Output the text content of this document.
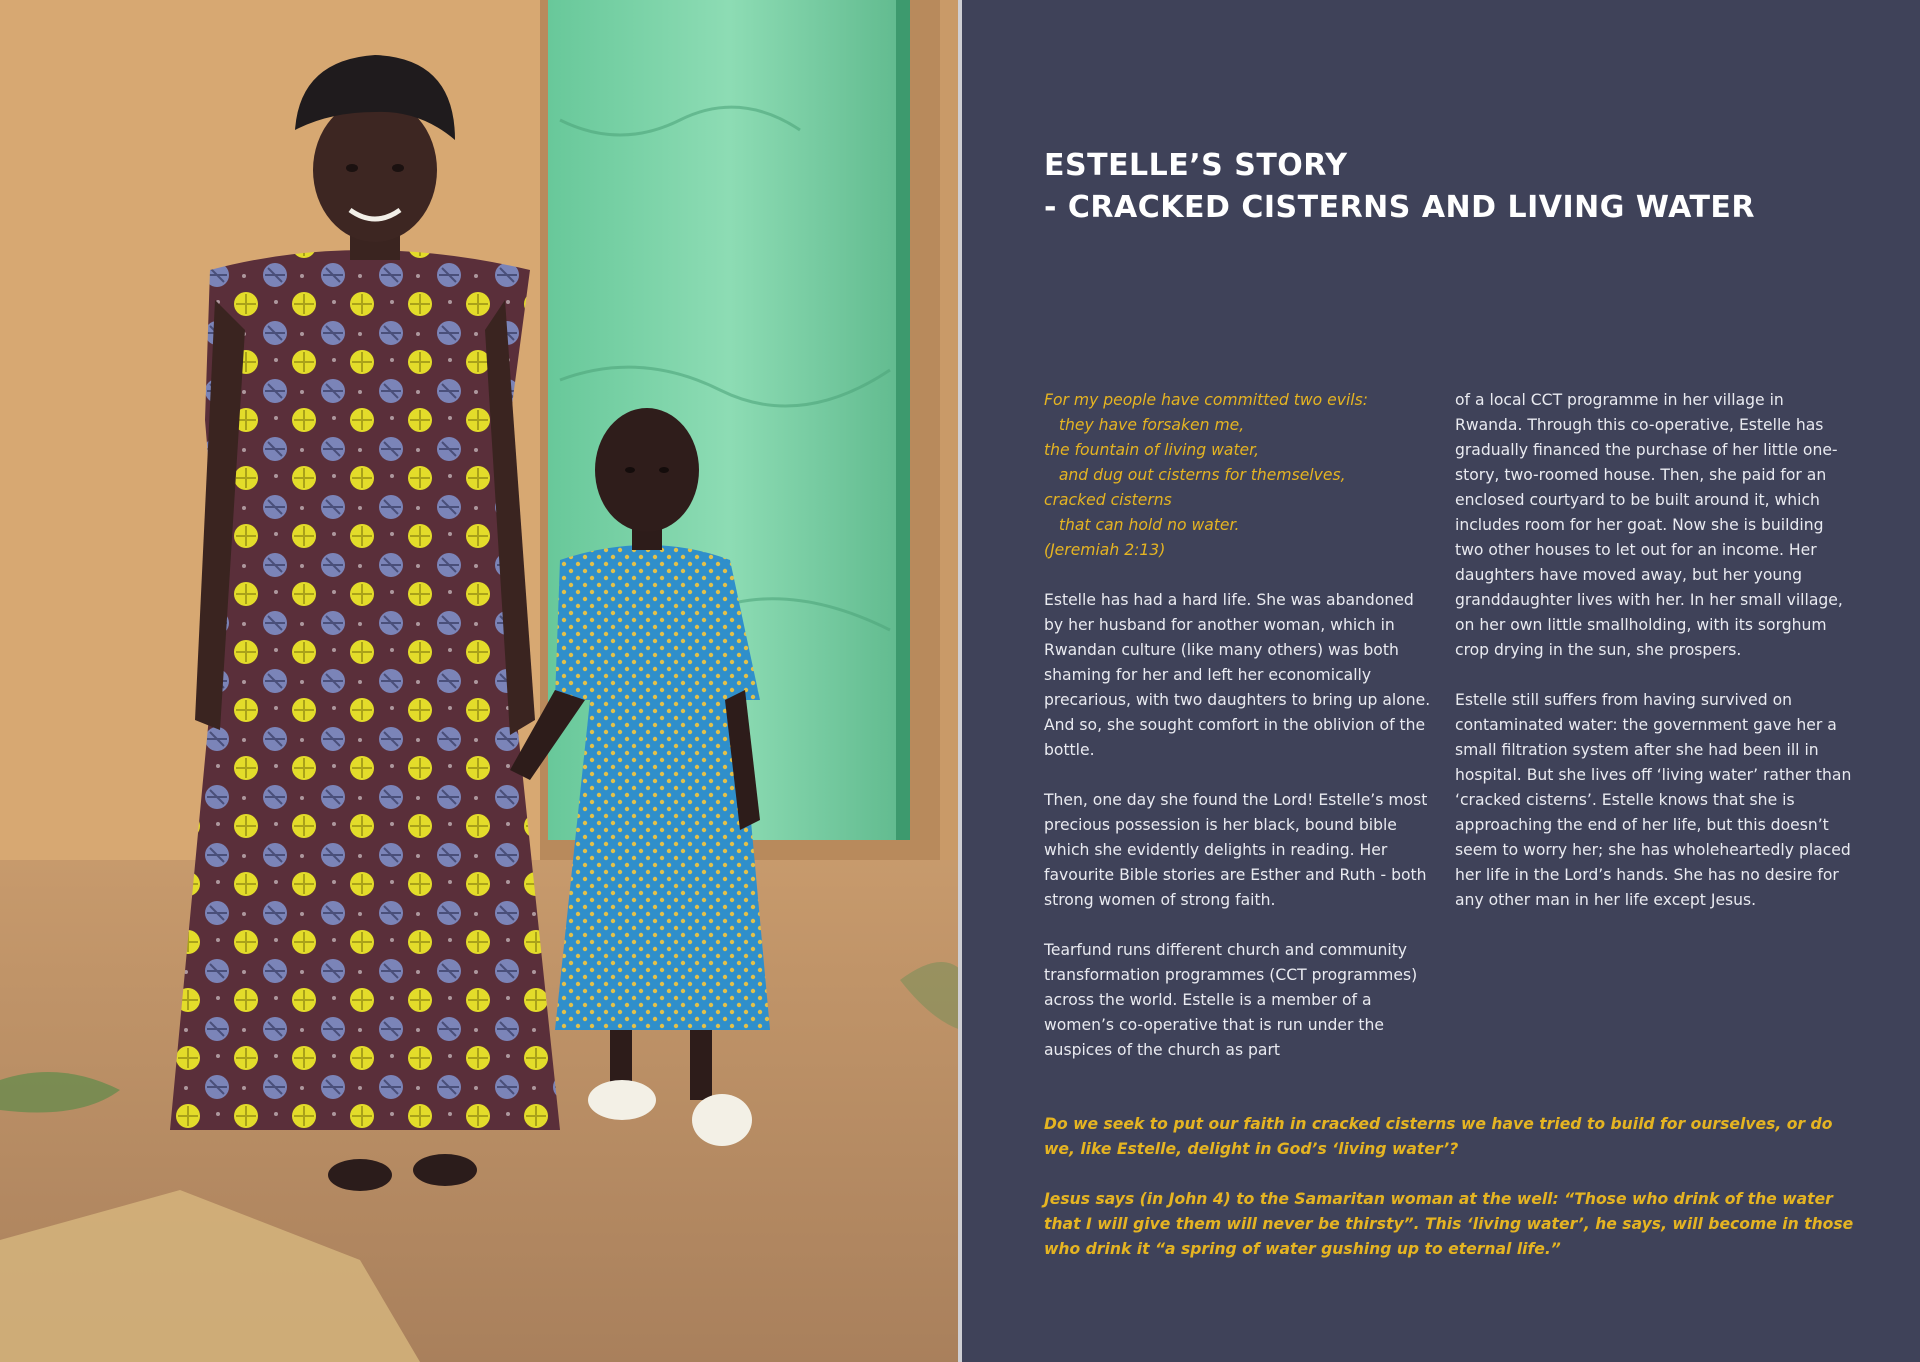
ESTELLE’S STORY
- CRACKED CISTERNS AND LIVING WATER
For my people have committed two evils:
they have forsaken me,
the fountain of living water,
and dug out cisterns for themselves,
cracked cisterns
that can hold no water.
(Jeremiah 2:13)

Estelle has had a hard life. She was abandoned by her husband for another woman, which in Rwandan culture (like many others) was both shaming for her and left her economically precarious, with two daughters to bring up alone. And so, she sought comfort in the oblivion of the bottle.

Then, one day she found the Lord! Estelle’s most precious possession is her black, bound bible which she evidently delights in reading. Her favourite Bible stories are Esther and Ruth - both strong women of strong faith.

Tearfund runs different church and community transformation programmes (CCT programmes) across the world. Estelle is a member of a women’s co-operative that is run under the auspices of the church as part

of a local CCT programme in her village in Rwanda. Through this co-operative, Estelle has gradually financed the purchase of her little one-story, two-roomed house. Then, she paid for an enclosed courtyard to be built around it, which includes room for her goat. Now she is building two other houses to let out for an income. Her daughters have moved away, but her young granddaughter lives with her. In her small village, on her own little smallholding, with its sorghum crop drying in the sun, she prospers.

Estelle still suffers from having survived on contaminated water: the government gave her a small filtration system after she had been ill in hospital. But she lives off ‘living water’ rather than ‘cracked cisterns’. Estelle knows that she is approaching the end of her life, but this doesn’t seem to worry her; she has wholeheartedly placed her life in the Lord’s hands. She has no desire for any other man in her life except Jesus.

Do we seek to put our faith in cracked cisterns we have tried to build for ourselves, or do we, like Estelle, delight in God’s ‘living water’?

Jesus says (in John 4) to the Samaritan woman at the well: “Those who drink of the water that I will give them will never be thirsty”. This ‘living water’, he says, will become in those who drink it “a spring of water gushing up to eternal life.”
